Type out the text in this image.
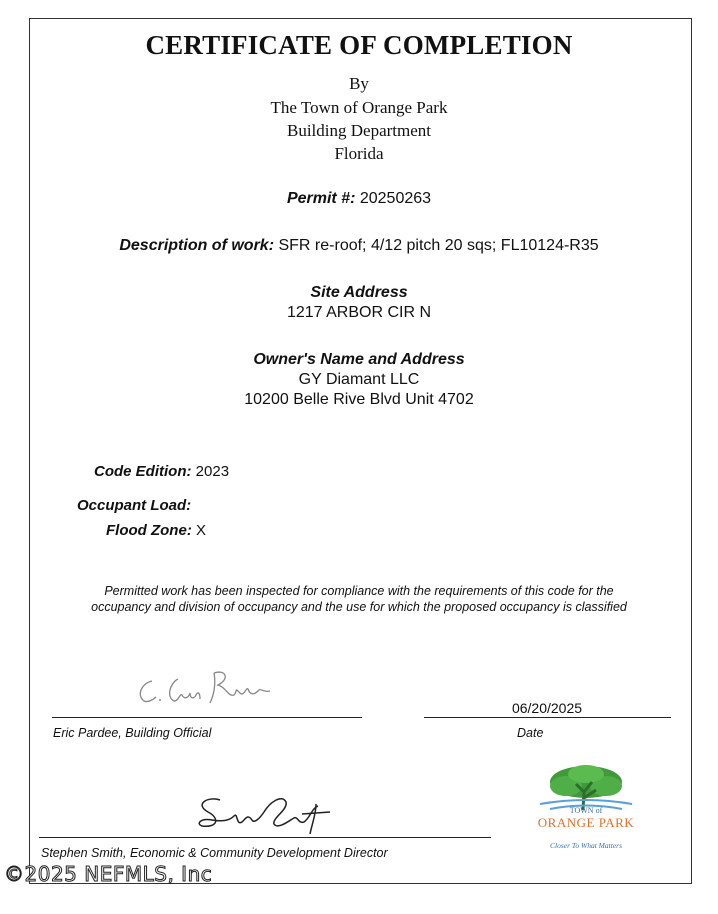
CERTIFICATE OF COMPLETION
By
The Town of Orange Park
Building Department
Florida
Permit #: 20250263
Description of work: SFR re-roof; 4/12 pitch 20 sqs; FL10124-R35
Site Address
1217 ARBOR CIR N
Owner's Name and Address
GY Diamant LLC
10200 Belle Rive Blvd Unit 4702
Code Edition: 2023
Occupant Load:
Flood Zone: X
Permitted work has been inspected for compliance with the requirements of this code for the
occupancy and division of occupancy and the use for which the proposed occupancy is classified
Eric Pardee, Building Official
06/20/2025
Date
Stephen Smith, Economic & Community Development Director
TOWN of
ORANGE PARK
Closer To What Matters
©2025 NEFMLS, Inc
